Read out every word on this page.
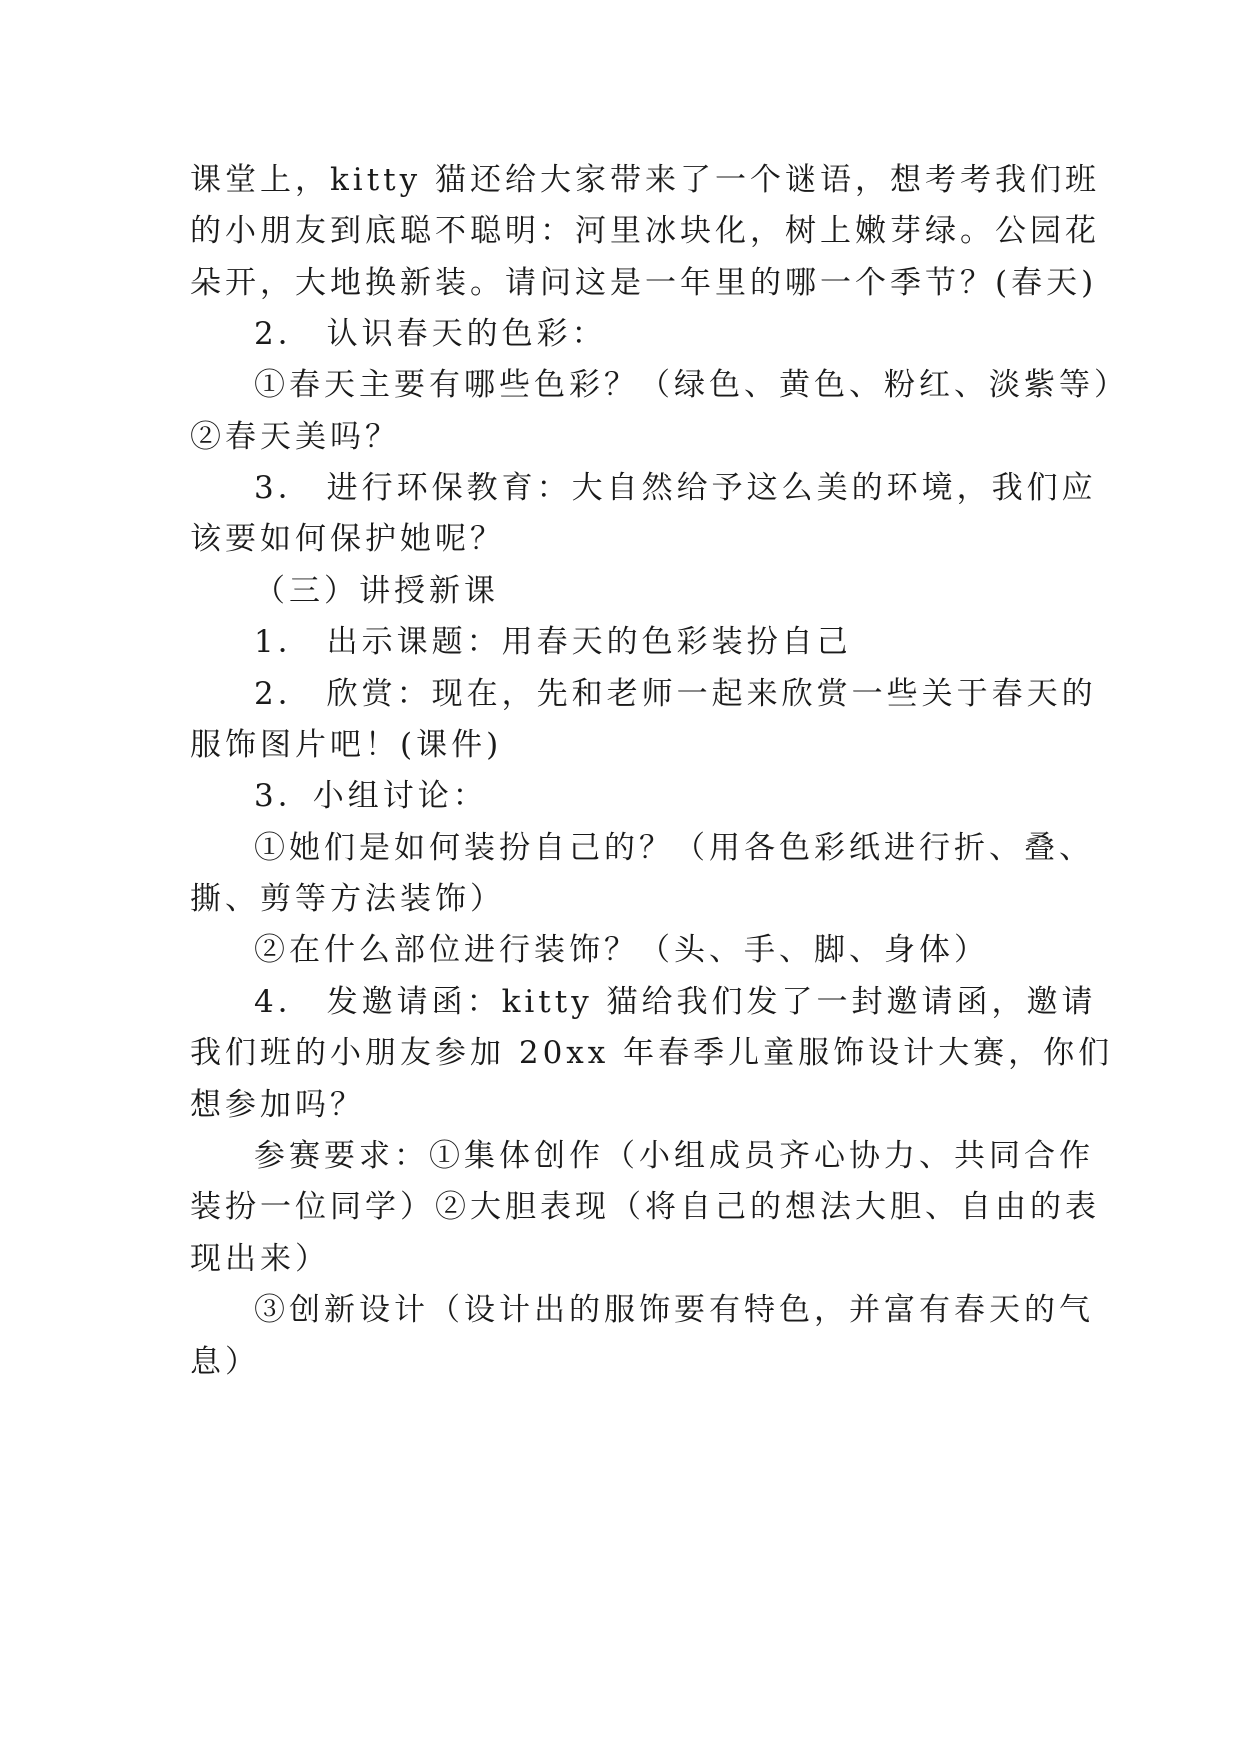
课堂上，kitty 猫还给大家带来了一个谜语，想考考我们班
的小朋友到底聪不聪明：河里冰块化，树上嫩芽绿。公园花
朵开，大地换新装。请问这是一年里的哪一个季节？(春天)
2． 认识春天的色彩：
①春天主要有哪些色彩？（绿色、黄色、粉红、淡紫等）
②春天美吗？
3． 进行环保教育：大自然给予这么美的环境，我们应
该要如何保护她呢？
（三）讲授新课
1． 出示课题：用春天的色彩装扮自己
2． 欣赏：现在，先和老师一起来欣赏一些关于春天的
服饰图片吧！(课件)
3．小组讨论：
①她们是如何装扮自己的？（用各色彩纸进行折、叠、
撕、剪等方法装饰）
②在什么部位进行装饰？（头、手、脚、身体）
4． 发邀请函：kitty 猫给我们发了一封邀请函，邀请
我们班的小朋友参加 20xx 年春季儿童服饰设计大赛，你们
想参加吗？
参赛要求：①集体创作（小组成员齐心协力、共同合作
装扮一位同学）②大胆表现（将自己的想法大胆、自由的表
现出来）
③创新设计（设计出的服饰要有特色，并富有春天的气
息）
